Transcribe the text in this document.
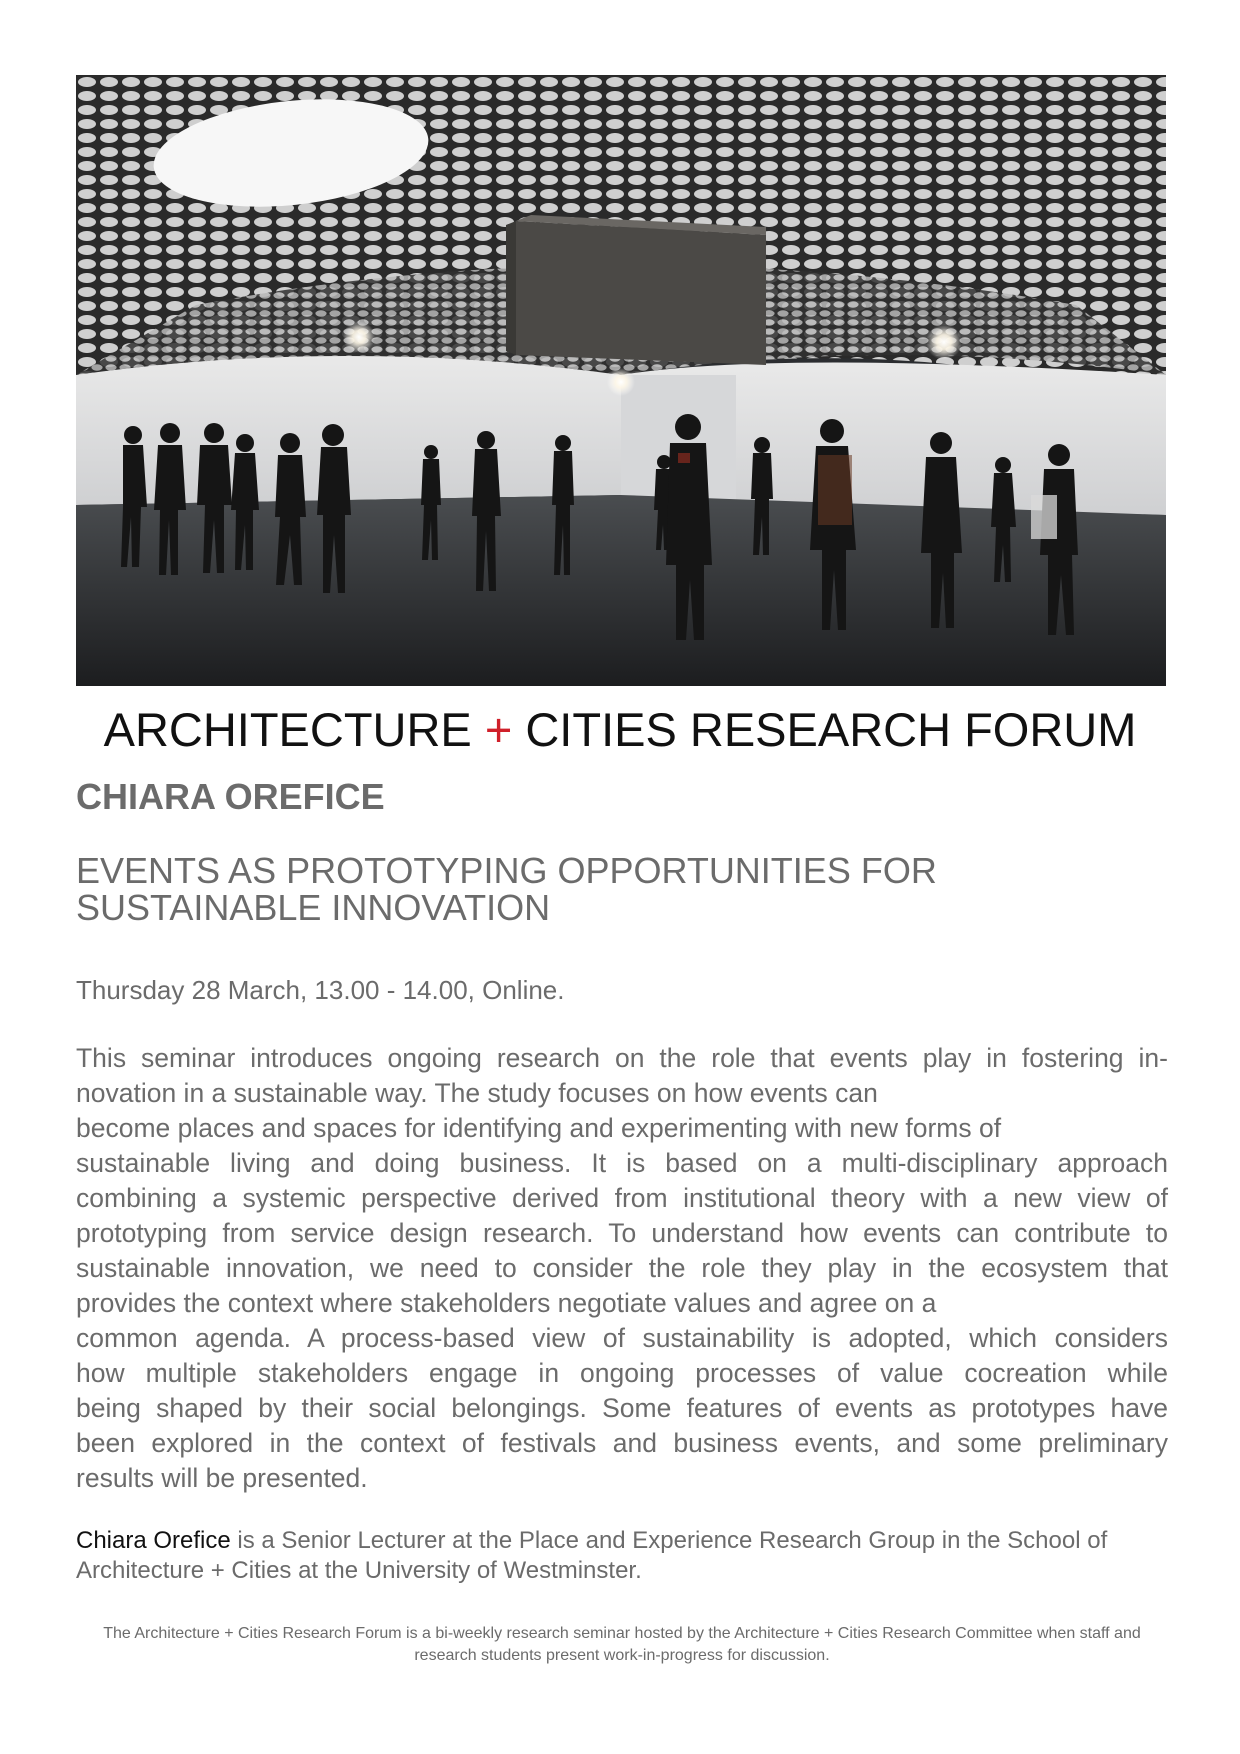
ARCHITECTURE + CITIES RESEARCH FORUM
CHIARA OREFICE
EVENTS AS PROTOTYPING OPPORTUNITIES FOR
SUSTAINABLE INNOVATION
Thursday 28 March, 13.00 - 14.00, Online.
This seminar introduces ongoing research on the role that events play in fostering in-
novation in a sustainable way. The study focuses on how events can
become places and spaces for identifying and experimenting with new forms of
sustainable living and doing business. It is based on a multi-disciplinary approach
combining a systemic perspective derived from institutional theory with a new view of
prototyping from service design research. To understand how events can contribute to
sustainable innovation, we need to consider the role they play in the ecosystem that
provides the context where stakeholders negotiate values and agree on a
common agenda. A process-based view of sustainability is adopted, which considers
how multiple stakeholders engage in ongoing processes of value cocreation while
being shaped by their social belongings. Some features of events as prototypes have
been explored in the context of festivals and business events, and some preliminary
results will be presented.
Chiara Orefice is a Senior Lecturer at the Place and Experience Research Group in the School of
Architecture + Cities at the University of Westminster.
The Architecture + Cities Research Forum is a bi-weekly research seminar hosted by the Architecture + Cities Research Committee when staff and
research students present work-in-progress for discussion.
